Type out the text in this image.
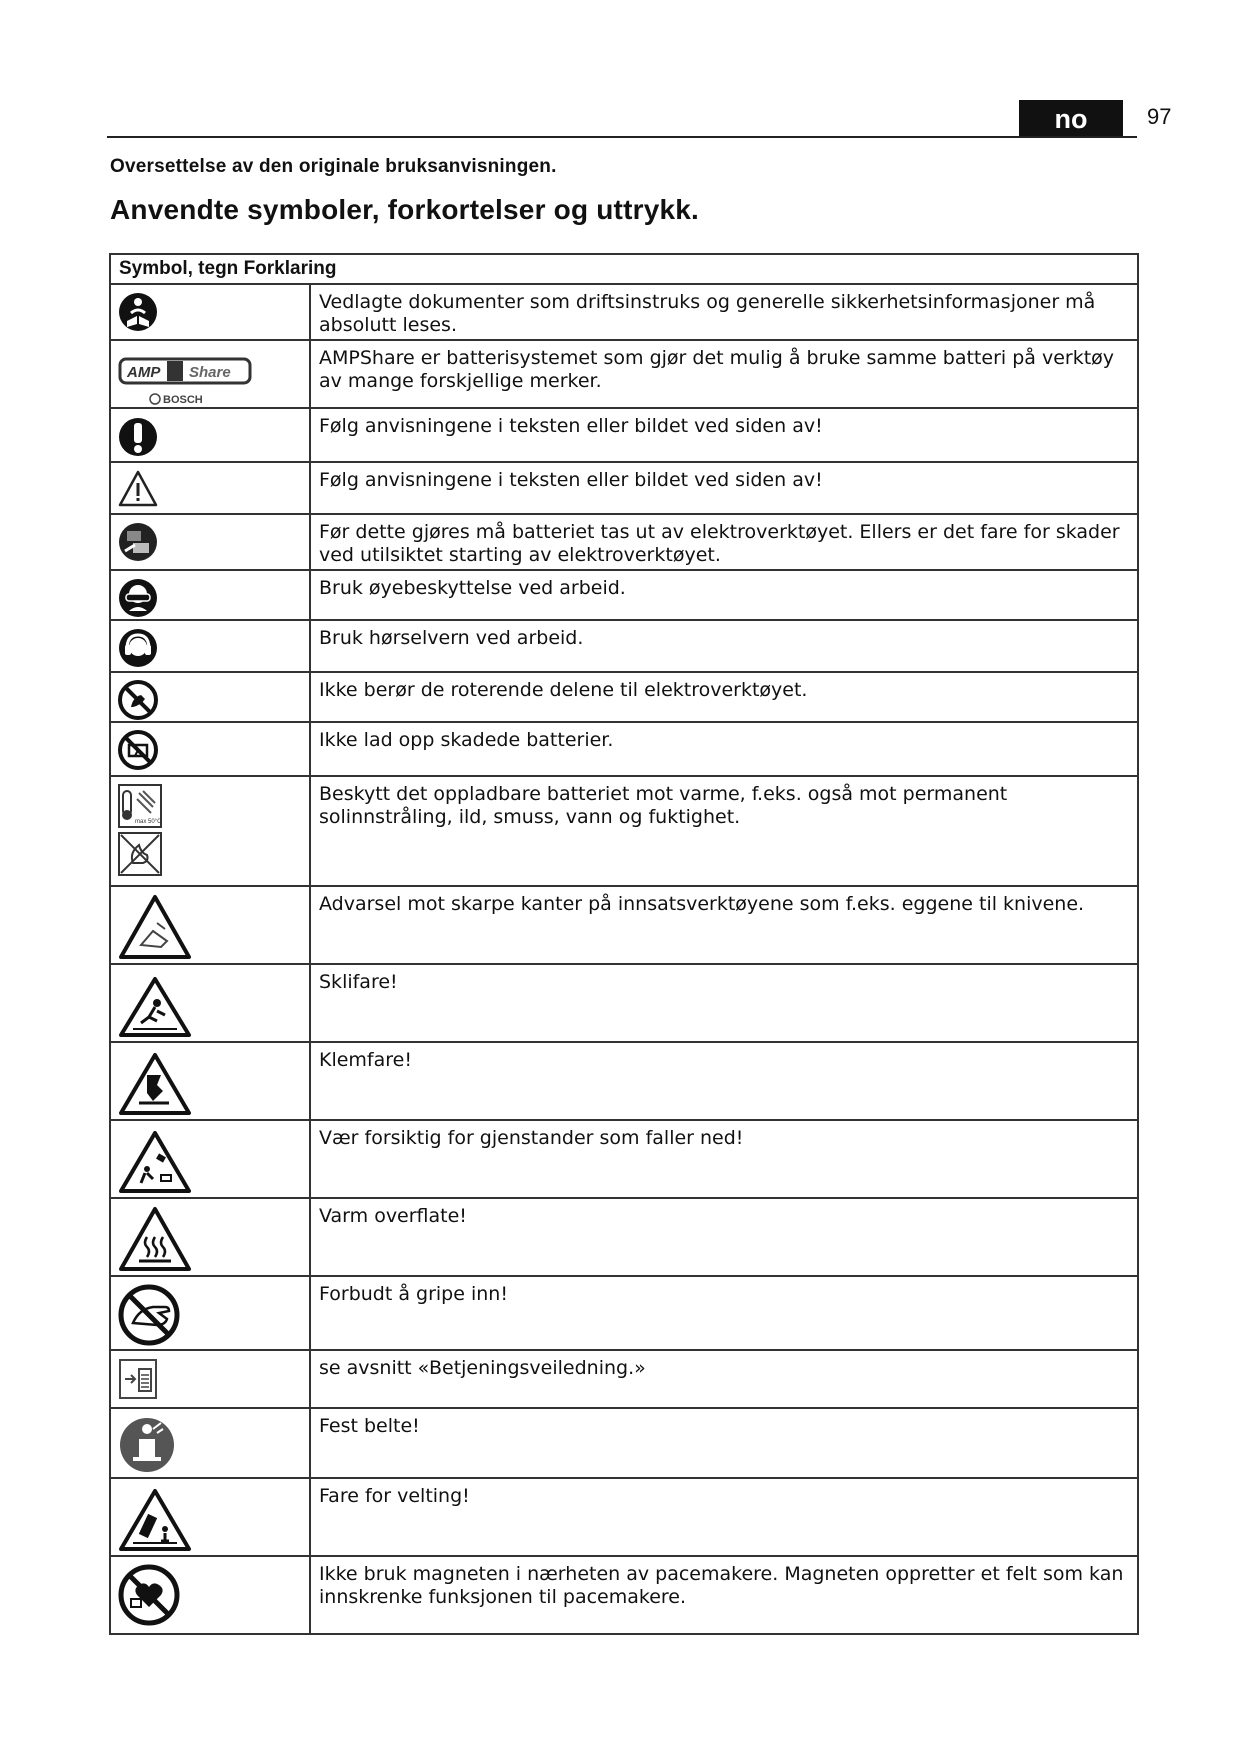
no	97
Oversettelse av den originale bruksanvisningen.
Anvendte symboler, forkortelser og uttrykk.
Symbol, tegn Forklaring	

Vedlagte dokumenter som driftsinstruks og generelle sikkerhetsinformasjoner må absolutt leses.

AMP Share
BOSCH	AMPShare er batterisystemet som gjør det mulig å bruke samme batteri på verktøy av mange forskjellige merker.

Følg anvisningene i teksten eller bildet ved siden av!

Følg anvisningene i teksten eller bildet ved siden av!

Før dette gjøres må batteriet tas ut av elektroverktøyet. Ellers er det fare for skader ved utilsiktet starting av elektroverktøyet.

Bruk øyebeskyttelse ved arbeid.

Bruk hørselvern ved arbeid.

Ikke berør de roterende delene til elektroverktøyet.

Ikke lad opp skadede batterier.

max 50°C	Beskytt det oppladbare batteriet mot varme, f.eks. også mot permanent solinnstråling, ild, smuss, vann og fuktighet.

Advarsel mot skarpe kanter på innsatsverktøyene som f.eks. eggene til knivene.

Sklifare!

Klemfare!

Vær forsiktig for gjenstander som faller ned!

Varm overflate!

Forbudt å gripe inn!

se avsnitt «Betjeningsveiledning.»

Fest belte!

Fare for velting!

Ikke bruk magneten i nærheten av pacemakere. Magneten oppretter et felt som kan innskrenke funksjonen til pacemakere.
